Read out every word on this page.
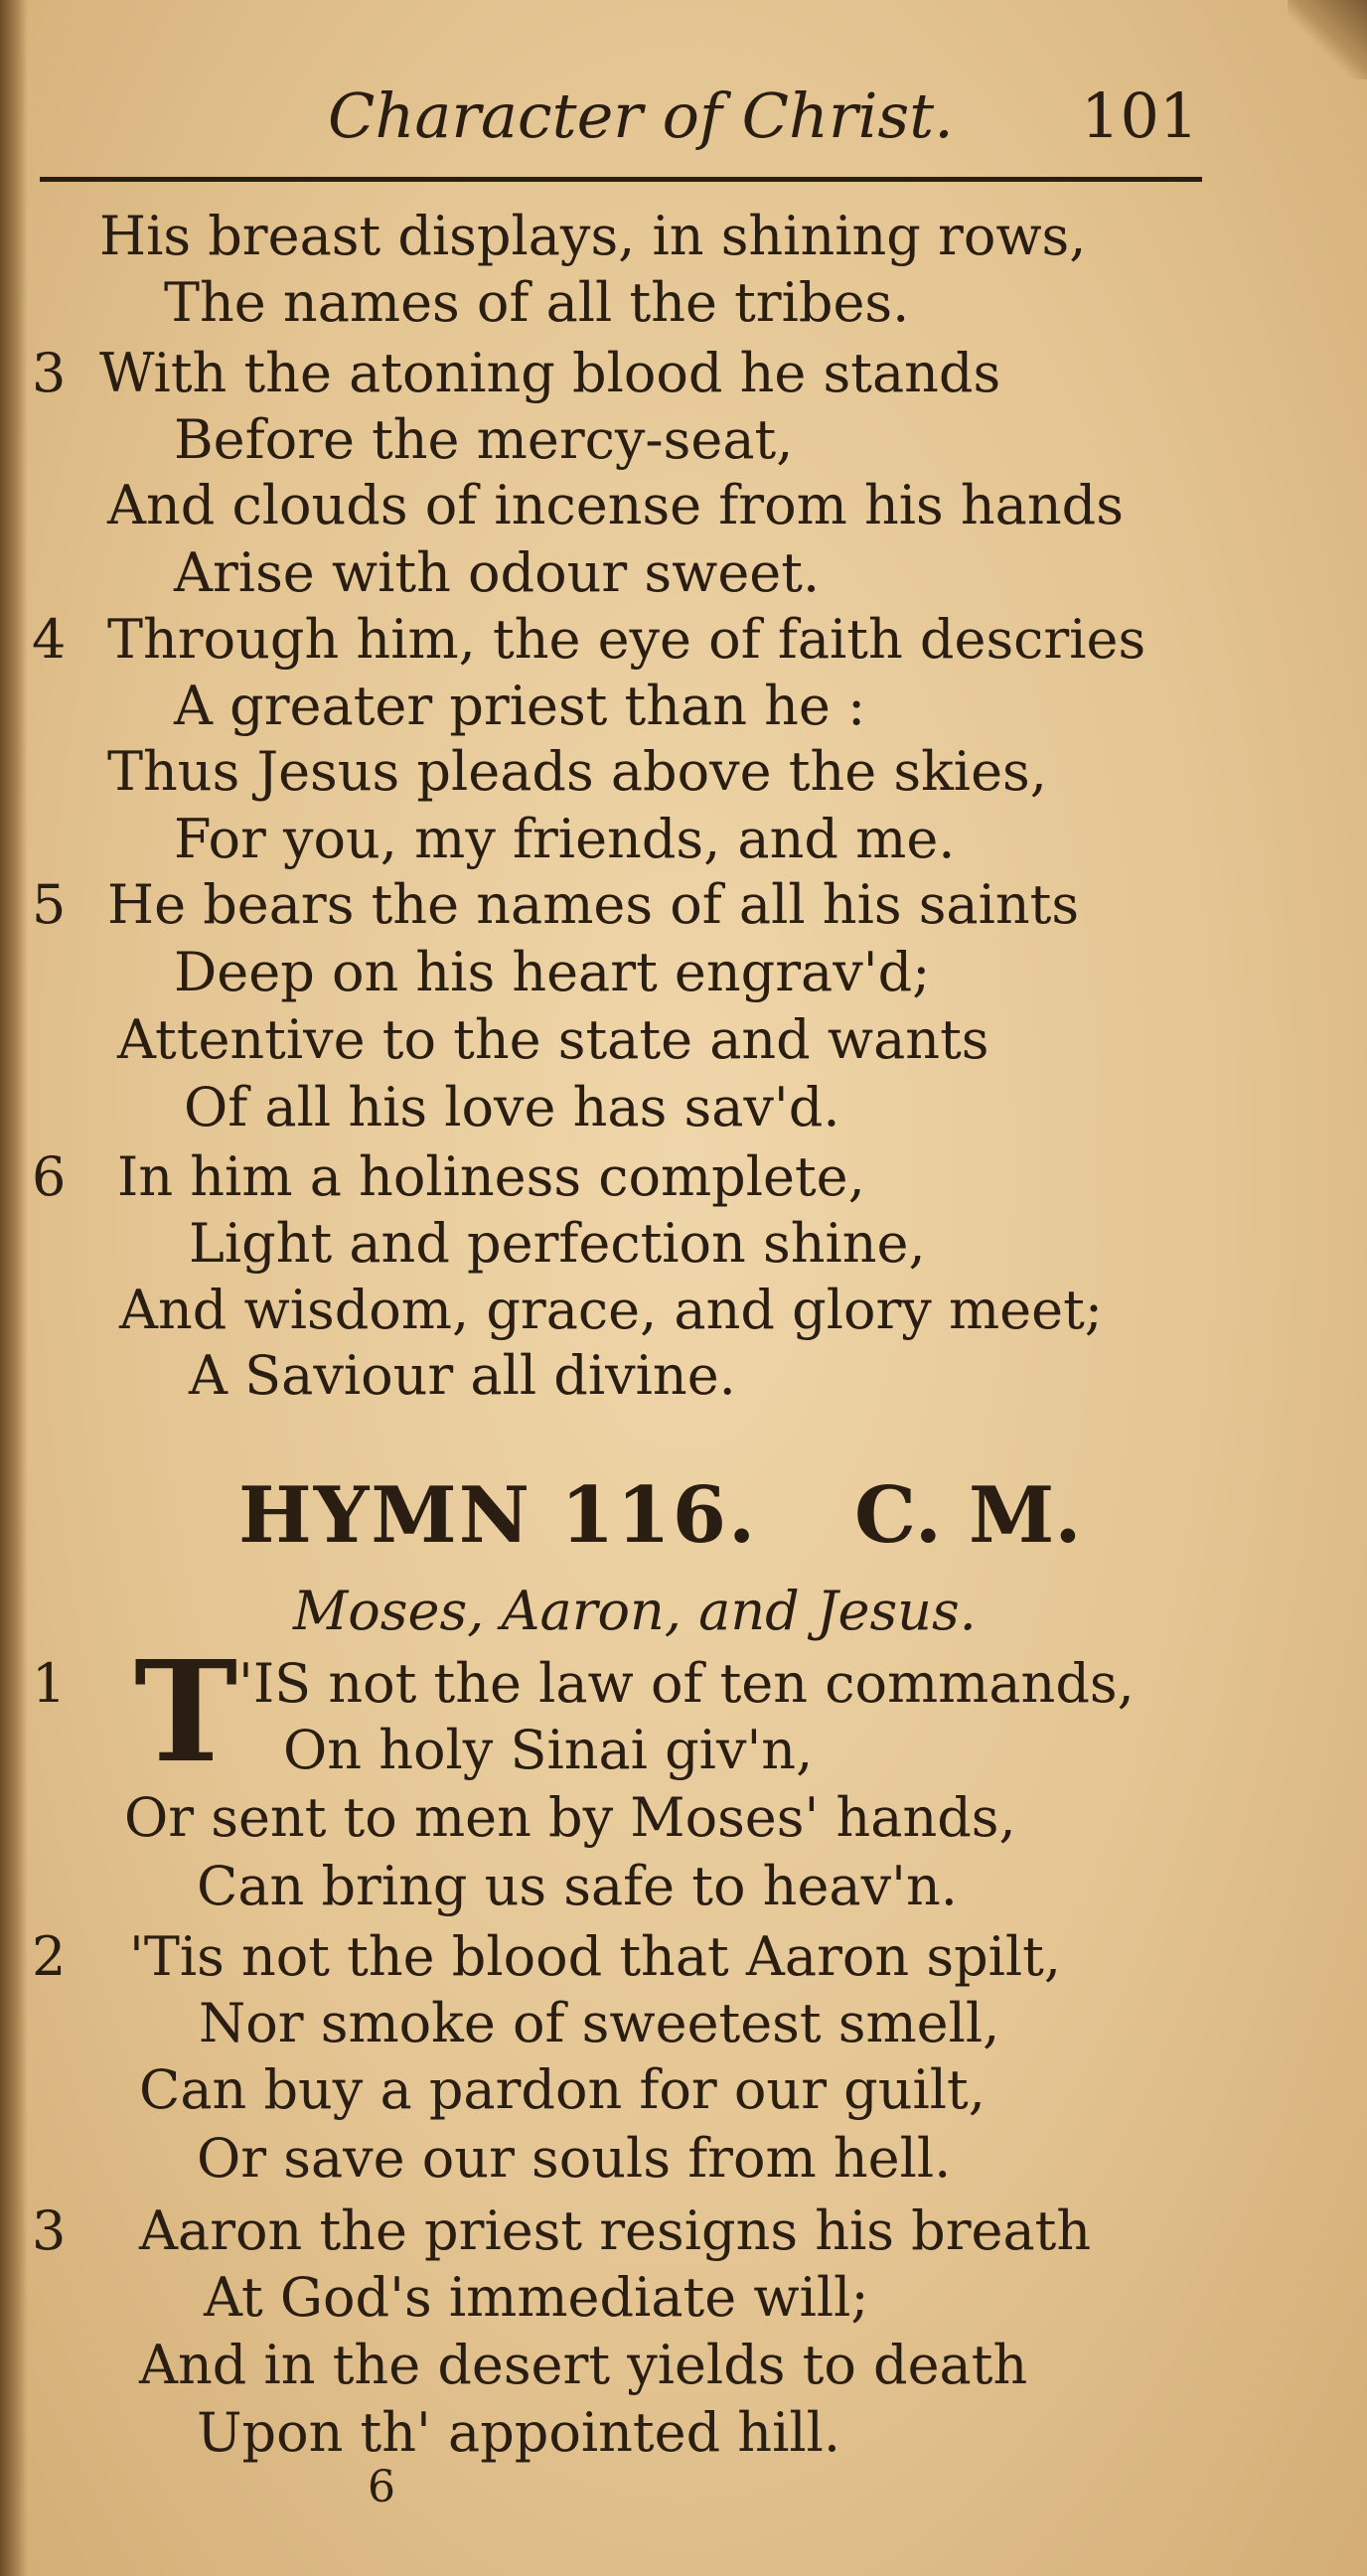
Character of Christ. 101
3
4
5
6
His breast displays, in shining rows,
The names of all the tribes.
With the atoning blood he stands
Before the mercy-seat,
And clouds of incense from his hands
Arise with odour sweet.
Through him, the eye of faith descries
A greater priest than he :
Thus Jesus pleads above the skies,
For you, my friends, and me.
He bears the names of all his saints
Deep on his heart engrav'd;
Attentive to the state and wants
Of all his love has sav'd.
In him a holiness complete,
Light and perfection shine,
And wisdom, grace, and glory meet;
A Saviour all divine.
HYMN 116. C. M.
Moses, Aaron, and Jesus.
1
2
3
T 'IS not the law of ten commands,
On holy Sinai giv'n,
Or sent to men by Moses' hands,
Can bring us safe to heav'n.
'Tis not the blood that Aaron spilt,
Nor smoke of sweetest smell,
Can buy a pardon for our guilt,
Or save our souls from hell.
Aaron the priest resigns his breath
At God's immediate will;
And in the desert yields to death
Upon th' appointed hill.
6
